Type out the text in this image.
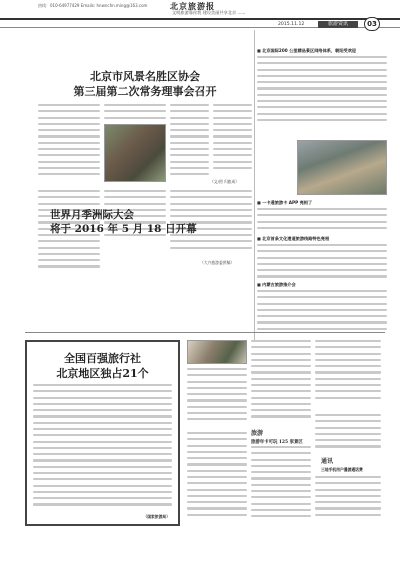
热线：010-64977429 Emails: hnwnchn.ming@163.com	北京旅游报
文明旅游靠你我 建设美丽共享北京 ......
2015.11.12	旅游资讯	03
北京市风景名胜区协会
第三届第二次常务理事会召开
（文/图 归旅成）
（大兴旅游委供稿）
世界月季洲际大会
将于 2016 年 5 月 18 日开幕
■ 北京国际200 公里精品景区网络体系，朝阳受欢迎
■ 一卡通旅游卡 APP 亮相了
■ 北京首条文化遗道旅游线路特色亮相
■ 内蒙古旅游推介会
全国百强旅行社
北京地区独占21个
（国家旅游局）
旅游
旅游年卡可玩 125 家景区
通讯
三地手机用户漫游通话费
